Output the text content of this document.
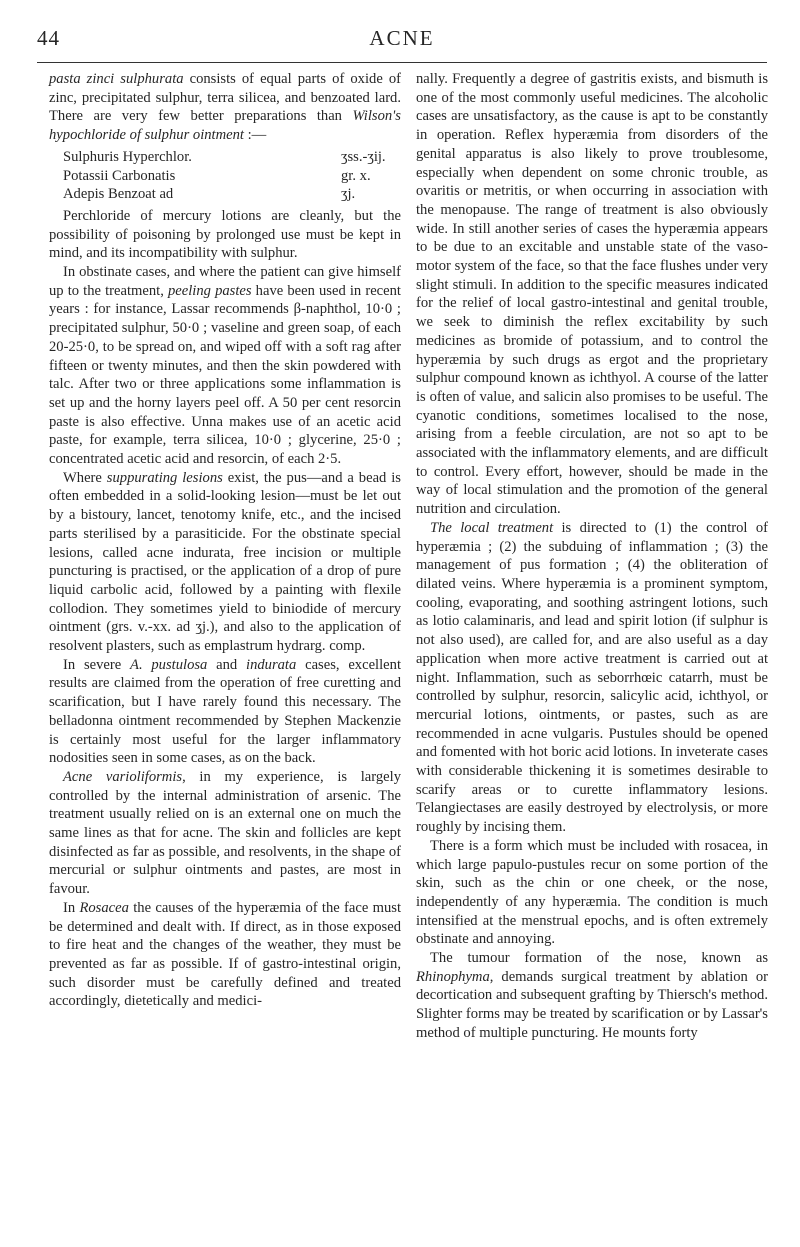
44	ACNE

pasta zinci sulphurata consists of equal parts of oxide of zinc, precipitated sulphur, terra silicea, and benzoated lard. There are very few better preparations than Wilson's hypochloride of sulphur ointment :—

Sulphuris Hyperchlor.	ʒss.-ʒij.
Potassii Carbonatis	gr. x.
Adepis Benzoat ad	ʒj.

Perchloride of mercury lotions are cleanly, but the possibility of poisoning by prolonged use must be kept in mind, and its incompatibility with sulphur.

In obstinate cases, and where the patient can give himself up to the treatment, peeling pastes have been used in recent years : for instance, Lassar recommends β-naphthol, 10·0 ; precipitated sulphur, 50·0 ; vaseline and green soap, of each 20-25·0, to be spread on, and wiped off with a soft rag after fifteen or twenty minutes, and then the skin powdered with talc. After two or three applications some inflammation is set up and the horny layers peel off. A 50 per cent resorcin paste is also effective. Unna makes use of an acetic acid paste, for example, terra silicea, 10·0 ; glycerine, 25·0 ; concentrated acetic acid and resorcin, of each 2·5.

Where suppurating lesions exist, the pus—and a bead is often embedded in a solid-looking lesion—must be let out by a bistoury, lancet, tenotomy knife, etc., and the incised parts sterilised by a parasiticide. For the obstinate special lesions, called acne indurata, free incision or multiple puncturing is practised, or the application of a drop of pure liquid carbolic acid, followed by a painting with flexile collodion. They sometimes yield to biniodide of mercury ointment (grs. v.-xx. ad ʒj.), and also to the application of resolvent plasters, such as emplastrum hydrarg. comp.

In severe A. pustulosa and indurata cases, excellent results are claimed from the operation of free curetting and scarification, but I have rarely found this necessary. The belladonna ointment recommended by Stephen Mackenzie is certainly most useful for the larger inflammatory nodosities seen in some cases, as on the back.

Acne varioliformis, in my experience, is largely controlled by the internal administration of arsenic. The treatment usually relied on is an external one on much the same lines as that for acne. The skin and follicles are kept disinfected as far as possible, and resolvents, in the shape of mercurial or sulphur ointments and pastes, are most in favour.

In Rosacea the causes of the hyperæmia of the face must be determined and dealt with. If direct, as in those exposed to fire heat and the changes of the weather, they must be prevented as far as possible. If of gastro-intestinal origin, such disorder must be carefully defined and treated accordingly, dietetically and medici-

nally. Frequently a degree of gastritis exists, and bismuth is one of the most commonly useful medicines. The alcoholic cases are unsatisfactory, as the cause is apt to be constantly in operation. Reflex hyperæmia from disorders of the genital apparatus is also likely to prove troublesome, especially when dependent on some chronic trouble, as ovaritis or metritis, or when occurring in association with the menopause. The range of treatment is also obviously wide. In still another series of cases the hyperæmia appears to be due to an excitable and unstable state of the vaso-motor system of the face, so that the face flushes under very slight stimuli. In addition to the specific measures indicated for the relief of local gastro-intestinal and genital trouble, we seek to diminish the reflex excitability by such medicines as bromide of potassium, and to control the hyperæmia by such drugs as ergot and the proprietary sulphur compound known as ichthyol. A course of the latter is often of value, and salicin also promises to be useful. The cyanotic conditions, sometimes localised to the nose, arising from a feeble circulation, are not so apt to be associated with the inflammatory elements, and are difficult to control. Every effort, however, should be made in the way of local stimulation and the promotion of the general nutrition and circulation.

The local treatment is directed to (1) the control of hyperæmia ; (2) the subduing of inflammation ; (3) the management of pus formation ; (4) the obliteration of dilated veins. Where hyperæmia is a prominent symptom, cooling, evaporating, and soothing astringent lotions, such as lotio calaminaris, and lead and spirit lotion (if sulphur is not also used), are called for, and are also useful as a day application when more active treatment is carried out at night. Inflammation, such as seborrhœic catarrh, must be controlled by sulphur, resorcin, salicylic acid, ichthyol, or mercurial lotions, ointments, or pastes, such as are recommended in acne vulgaris. Pustules should be opened and fomented with hot boric acid lotions. In inveterate cases with considerable thickening it is sometimes desirable to scarify areas or to curette inflammatory lesions. Telangiectases are easily destroyed by electrolysis, or more roughly by incising them.

There is a form which must be included with rosacea, in which large papulo-pustules recur on some portion of the skin, such as the chin or one cheek, or the nose, independently of any hyperæmia. The condition is much intensified at the menstrual epochs, and is often extremely obstinate and annoying.

The tumour formation of the nose, known as Rhinophyma, demands surgical treatment by ablation or decortication and subsequent grafting by Thiersch's method. Slighter forms may be treated by scarification or by Lassar's method of multiple puncturing. He mounts forty
